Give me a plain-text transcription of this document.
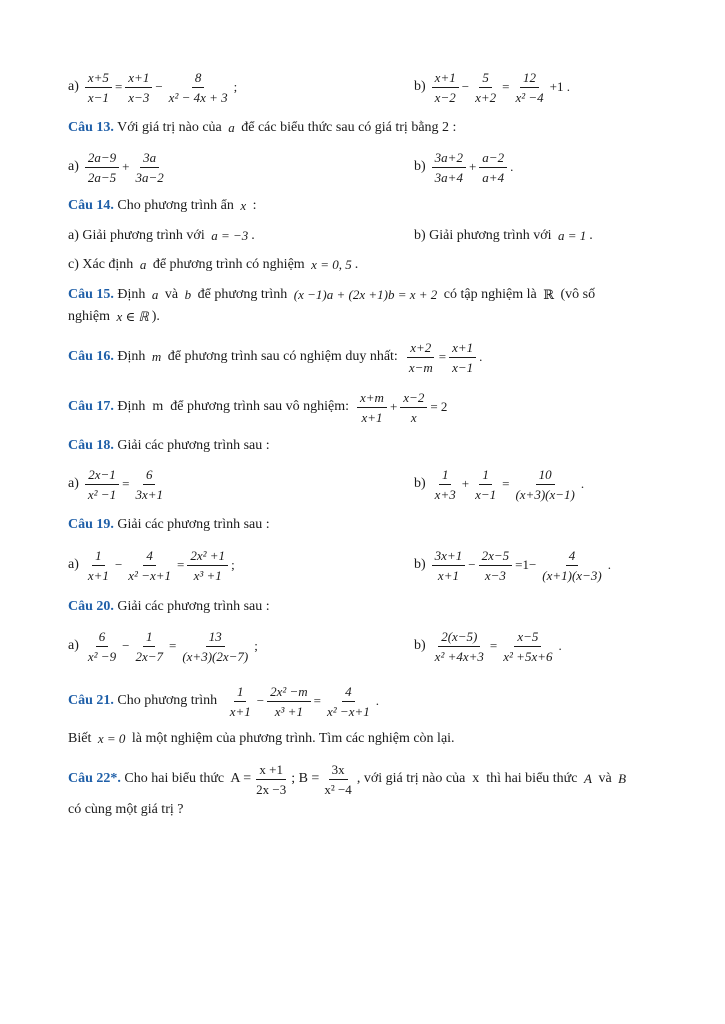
$a) \frac{x+5}{x-1} = \frac{x+1}{x-3} - \frac{8}{\text{x² − 4x + 3}}$ ;	$b) \frac{x+1}{x-2} - \frac{5}{x+2} = \frac{12}{\text{x² −4}} +1$ .
Câu 13. Với giá trị nào của a để các biểu thức sau có giá trị bằng 2 :
$a) \frac{2a-9}{2a-5} + \frac{3a}{3a-2}$	$b) \frac{3a+2}{3a+4} + \frac{a-2}{a+4}$ .
Câu 14. Cho phương trình ẩn x :
a) Giải phương trình với a = −3 .	b) Giải phương trình với a = 1 .
c) Xác định a để phương trình có nghiệm x = 0, 5 .
Câu 15. Định a và b để phương trình (x −1)a + (2x +1)b = x + 2 có tập nghiệm là ℝ (vô số
nghiệm x ∈ ℝ ).
Câu 16. Định m để phương trình sau có nghiệm duy nhất: $\frac{x+2}{x-m} = \frac{x+1}{x-1}$ .
Câu 17. Định  m  để phương trình sau vô nghiệm: $\frac{x+m}{x+1} + \frac{x-2}{x} = 2$
Câu 18. Giải các phương trình sau :
$a) \frac{2x-1}{\text{x² −1}} = \frac{6}{3x+1}$	$b) \frac{1}{x+3} + \frac{1}{x-1} = \frac{10}{(x+3)(x-1)}$ .
Câu 19. Giải các phương trình sau :
$a) \frac{1}{x+1} - \frac{4}{\text{x² −x+1}} = \frac{\text{2x² +1}}{\text{x³ +1}}$ ;	$b) \frac{3x+1}{x+1} - \frac{2x-5}{x-3} =1- \frac{4}{(x+1)(x-3)}$ .
Câu 20. Giải các phương trình sau :
$a) \frac{6}{\text{x² −9}} - \frac{1}{2x-7} = \frac{13}{(x+3)(2x-7)}$ ;	$b) \frac{2(x-5)}{\text{x² +4x+3}} = \frac{x-5}{\text{x² +5x+6}}$ .
Câu 21. Cho phương trình $\frac{1}{x+1} - \frac{\text{2x² −m}}{\text{x³ +1}} = \frac{4}{\text{x² −x+1}}$ .
Biết x = 0 là một nghiệm của phương trình. Tìm các nghiệm còn lại.
Câu 22*. Cho hai biểu thức  $A = \frac{x +1}{2x -3}$ ; $B = \frac{3x}{\text{x² −4}}$ , với giá trị nào của  x  thì hai biểu thức A và B
có cùng một giá trị ?
